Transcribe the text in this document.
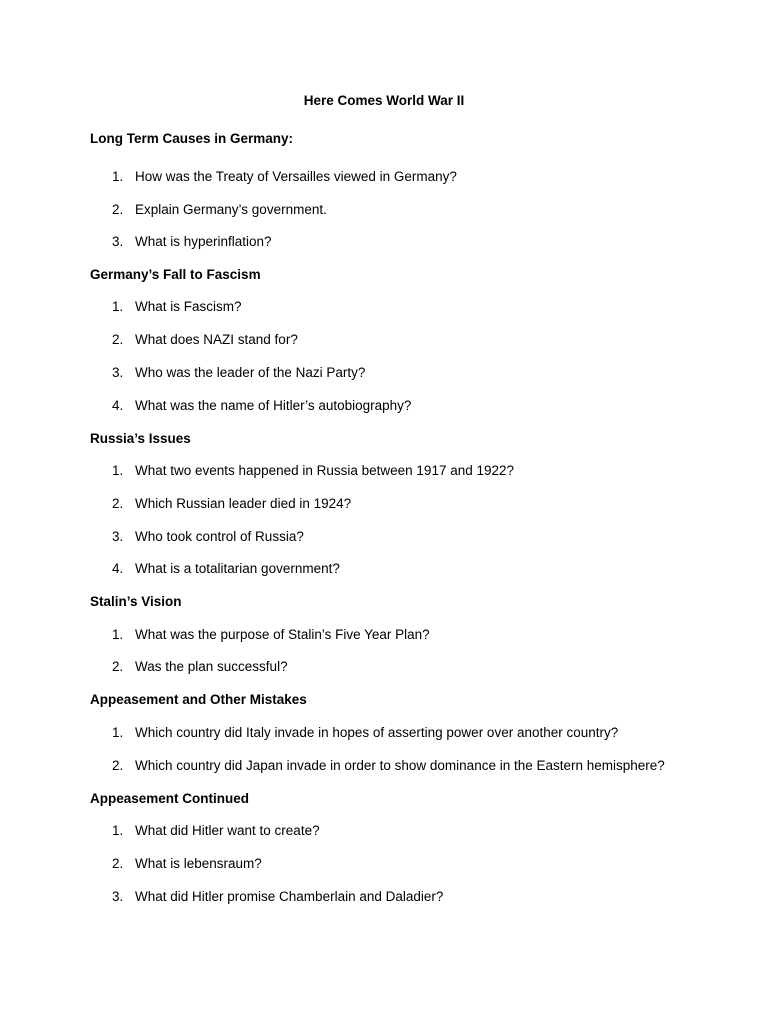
Here Comes World War II
Long Term Causes in Germany:
1. How was the Treaty of Versailles viewed in Germany?
2. Explain Germany’s government.
3. What is hyperinflation?
Germany’s Fall to Fascism
1. What is Fascism?
2. What does NAZI stand for?
3. Who was the leader of the Nazi Party?
4. What was the name of Hitler’s autobiography?
Russia’s Issues
1. What two events happened in Russia between 1917 and 1922?
2. Which Russian leader died in 1924?
3. Who took control of Russia?
4. What is a totalitarian government?
Stalin’s Vision
1. What was the purpose of Stalin’s Five Year Plan?
2. Was the plan successful?
Appeasement and Other Mistakes
1. Which country did Italy invade in hopes of asserting power over another country?
2. Which country did Japan invade in order to show dominance in the Eastern hemisphere?
Appeasement Continued
1. What did Hitler want to create?
2. What is lebensraum?
3. What did Hitler promise Chamberlain and Daladier?
